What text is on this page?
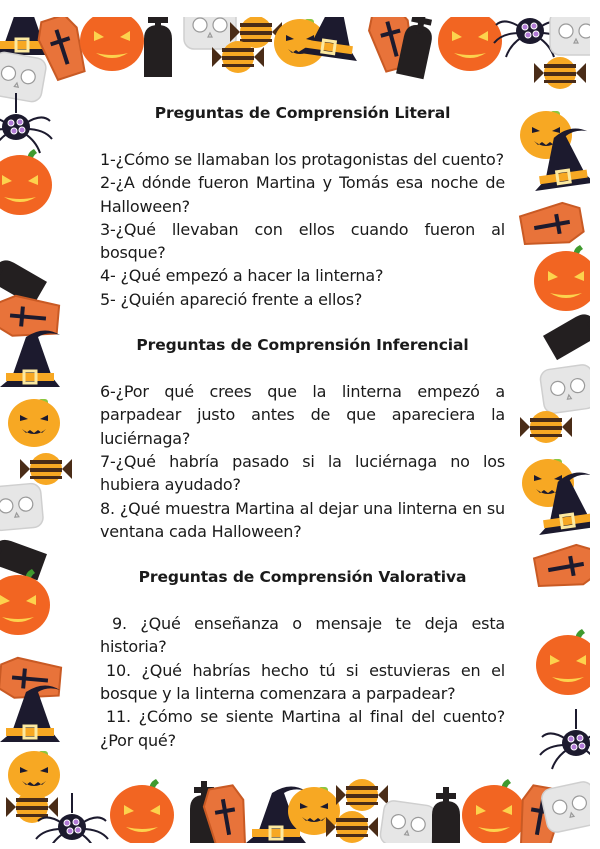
Preguntas de Comprensión Literal
1-¿Cómo se llamaban los protagonistas del cuento?
2-¿A dónde fueron Martina y Tomás esa noche de Halloween?
3-¿Qué llevaban con ellos cuando fueron al bosque?
4- ¿Qué empezó a hacer la linterna?
5- ¿Quién apareció frente a ellos?
Preguntas de Comprensión Inferencial
6-¿Por qué crees que la linterna empezó a parpadear justo antes de que apareciera la luciérnaga?
7-¿Qué habría pasado si la luciérnaga no los hubiera ayudado?
8. ¿Qué muestra Martina al dejar una linterna en su ventana cada Halloween?
Preguntas de Comprensión Valorativa
9. ¿Qué enseñanza o mensaje te deja esta historia?
10. ¿Qué habrías hecho tú si estuvieras en el bosque y la linterna comenzara a parpadear?
11. ¿Cómo se siente Martina al final del cuento? ¿Por qué?
